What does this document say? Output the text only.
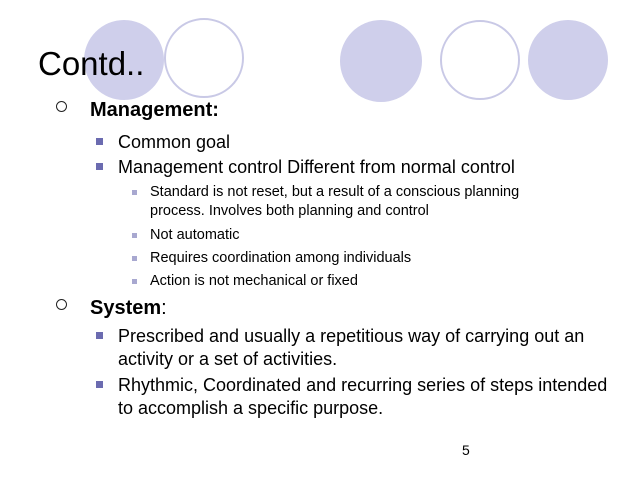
Contd..
Management:
Common goal
Management control Different from normal control
Standard is not reset, but a result of a conscious planning process. Involves both planning and control
Not automatic
Requires coordination among individuals
Action is not mechanical or fixed
System:
Prescribed and usually a repetitious way of carrying out an activity or a set of activities.
Rhythmic, Coordinated and recurring series of steps intended to accomplish a specific purpose.
5
